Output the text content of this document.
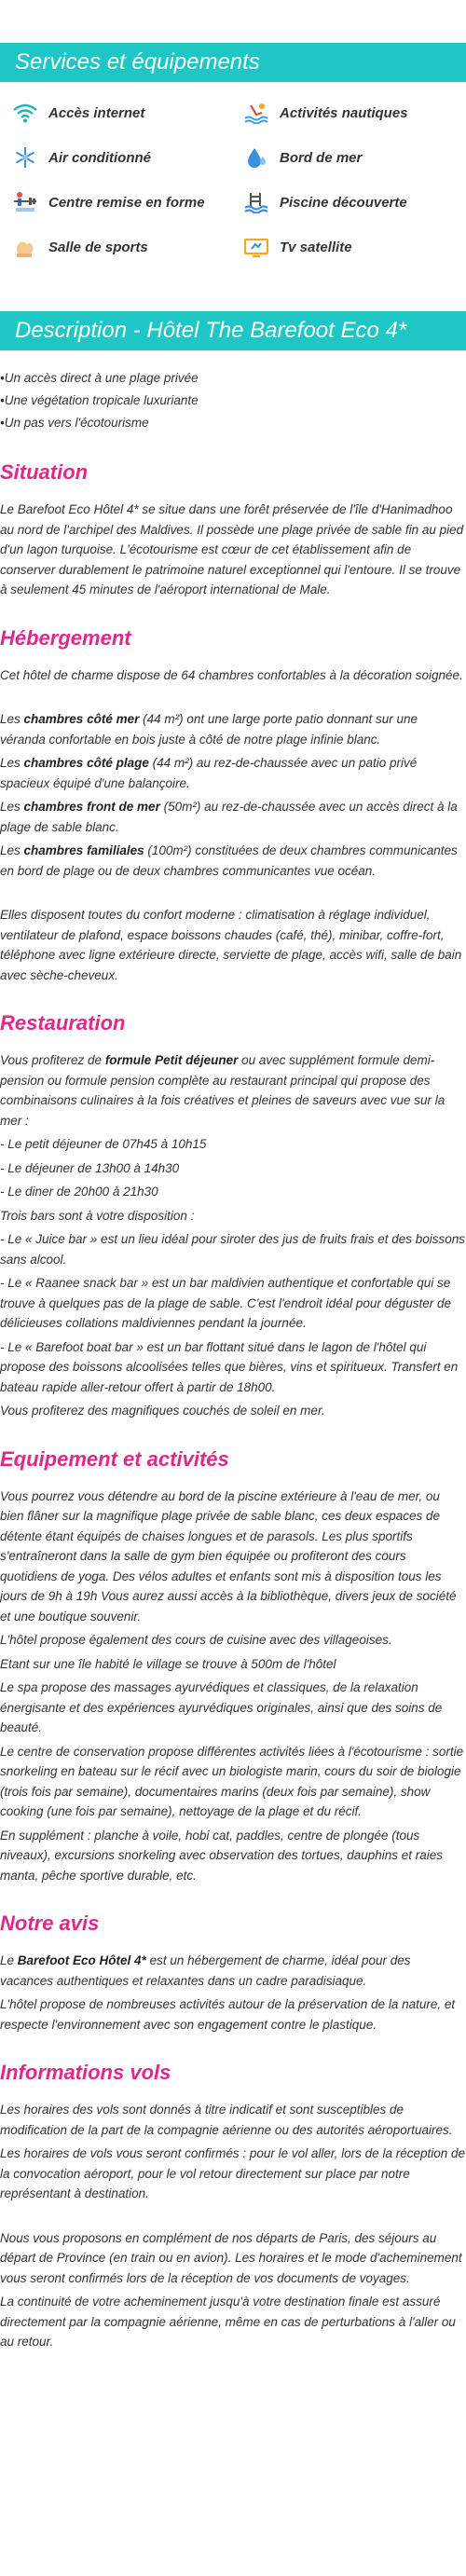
Services et équipements
Accès internet	Activités nautiques
Air conditionné	Bord de mer
Centre remise en forme	Piscine découverte
Salle de sports	Tv satellite
Description - Hôtel The Barefoot Eco 4*
• Un accès direct à une plage privée
• Une végétation tropicale luxuriante
• Un pas vers l'écotourisme
Situation

Le Barefoot Eco Hôtel 4* se situe dans une forêt préservée de l'île d'Hanimadhoo au nord de l'archipel des Maldives. Il possède une plage privée de sable fin au pied d'un lagon turquoise. L'écotourisme est cœur de cet établissement afin de conserver durablement le patrimoine naturel exceptionnel qui l'entoure. Il se trouve à seulement 45 minutes de l'aéroport international de Male.

Hébergement

Cet hôtel de charme dispose de 64 chambres confortables à la décoration soignée.

Les chambres côté mer (44 m²) ont une large porte patio donnant sur une véranda confortable en bois juste à côté de notre plage infinie blanc.

Les chambres côté plage (44 m²) au rez-de-chaussée avec un patio privé spacieux équipé d'une balançoire.

Les chambres front de mer (50m²) au rez-de-chaussée avec un accès direct à la plage de sable blanc.

Les chambres familiales (100m²) constituées de deux chambres communicantes en bord de plage ou de deux chambres communicantes vue océan.

Elles disposent toutes du confort moderne : climatisation à réglage individuel, ventilateur de plafond, espace boissons chaudes (café, thé), minibar, coffre-fort, téléphone avec ligne extérieure directe, serviette de plage, accès wifi, salle de bain avec sèche-cheveux.

Restauration

Vous profiterez de formule Petit déjeuner ou avec supplément formule demi-pension ou formule pension complète au restaurant principal qui propose des combinaisons culinaires à la fois créatives et pleines de saveurs avec vue sur la mer :

- Le petit déjeuner de 07h45 à 10h15

- Le déjeuner de 13h00 à 14h30

- Le diner de 20h00 à 21h30

Trois bars sont à votre disposition :

- Le « Juice bar » est un lieu idéal pour siroter des jus de fruits frais et des boissons sans alcool.

- Le « Raanee snack bar » est un bar maldivien authentique et confortable qui se trouve à quelques pas de la plage de sable. C'est l'endroit idéal pour déguster de délicieuses collations maldiviennes pendant la journée.

- Le « Barefoot boat bar » est un bar flottant situé dans le lagon de l'hôtel qui propose des boissons alcoolisées telles que bières, vins et spiritueux. Transfert en bateau rapide aller-retour offert à partir de 18h00.

Vous profiterez des magnifiques couchés de soleil en mer.

Equipement et activités

Vous pourrez vous détendre au bord de la piscine extérieure à l'eau de mer, ou bien flâner sur la magnifique plage privée de sable blanc, ces deux espaces de détente étant équipés de chaises longues et de parasols. Les plus sportifs s'entraîneront dans la salle de gym bien équipée ou profiteront des cours quotidiens de yoga. Des vélos adultes et enfants sont mis à disposition tous les jours de 9h à 19h Vous aurez aussi accès à la bibliothèque, divers jeux de société et une boutique souvenir.

L'hôtel propose également des cours de cuisine avec des villageoises.

Etant sur une île habité le village se trouve à 500m de l'hôtel

Le spa propose des massages ayurvédiques et classiques, de la relaxation énergisante et des expériences ayurvédiques originales, ainsi que des soins de beauté.

Le centre de conservation propose différentes activités liées à l'écotourisme : sortie snorkeling en bateau sur le récif avec un biologiste marin, cours du soir de biologie (trois fois par semaine), documentaires marins (deux fois par semaine), show cooking (une fois par semaine), nettoyage de la plage et du récif.

En supplément : planche à voile, hobi cat, paddles, centre de plongée (tous niveaux), excursions snorkeling avec observation des tortues, dauphins et raies manta, pêche sportive durable, etc.

Notre avis

Le Barefoot Eco Hôtel 4* est un hébergement de charme, idéal pour des vacances authentiques et relaxantes dans un cadre paradisiaque.

L'hôtel propose de nombreuses activités autour de la préservation de la nature, et respecte l'environnement avec son engagement contre le plastique.

Informations vols

Les horaires des vols sont donnés à titre indicatif et sont susceptibles de modification de la part de la compagnie aérienne ou des autorités aéroportuaires.

Les horaires de vols vous seront confirmés : pour le vol aller, lors de la réception de la convocation aéroport, pour le vol retour directement sur place par notre représentant à destination.

Nous vous proposons en complément de nos départs de Paris, des séjours au départ de Province (en train ou en avion). Les horaires et le mode d'acheminement vous seront confirmés lors de la réception de vos documents de voyages.

La continuité de votre acheminement jusqu'à votre destination finale est assuré directement par la compagnie aérienne, même en cas de perturbations à l'aller ou au retour.
